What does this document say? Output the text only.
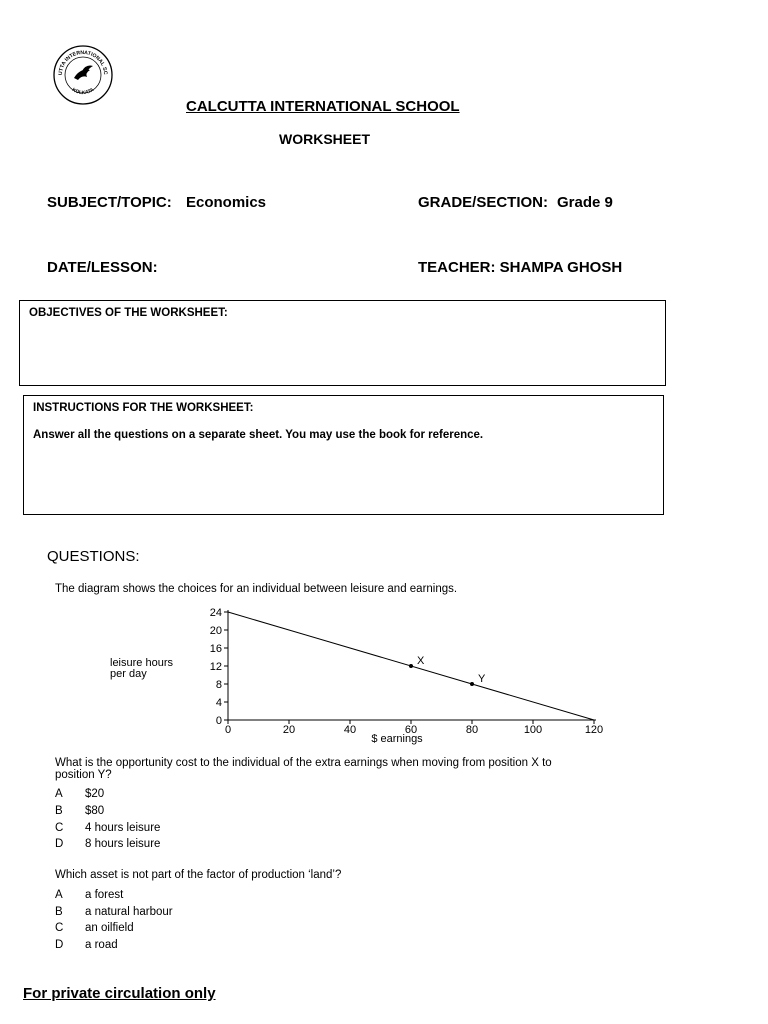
UTTA INTERNATIONAL SC
KOLKATA
CALCUTTA INTERNATIONAL SCHOOL
WORKSHEET
SUBJECT/TOPIC: Economics	GRADE/SECTION: Grade 9
DATE/LESSON:	TEACHER: SHAMPA GHOSH
OBJECTIVES OF THE WORKSHEET:
INSTRUCTIONS FOR THE WORKSHEET:
Answer all the questions on a separate sheet. You may use the book for reference.
QUESTIONS:
The diagram shows the choices for an individual between leisure and earnings.
leisure hours
per day
$ earnings
0
4
8
12
16
20
24
0	20	40	60	80	100	120
X
Y
What is the opportunity cost to the individual of the extra earnings when moving from position X to
position Y?
A $20
B $80
C 4 hours leisure
D 8 hours leisure
Which asset is not part of the factor of production ‘land’?
A a forest
B a natural harbour
C an oilfield
D a road
For private circulation only
